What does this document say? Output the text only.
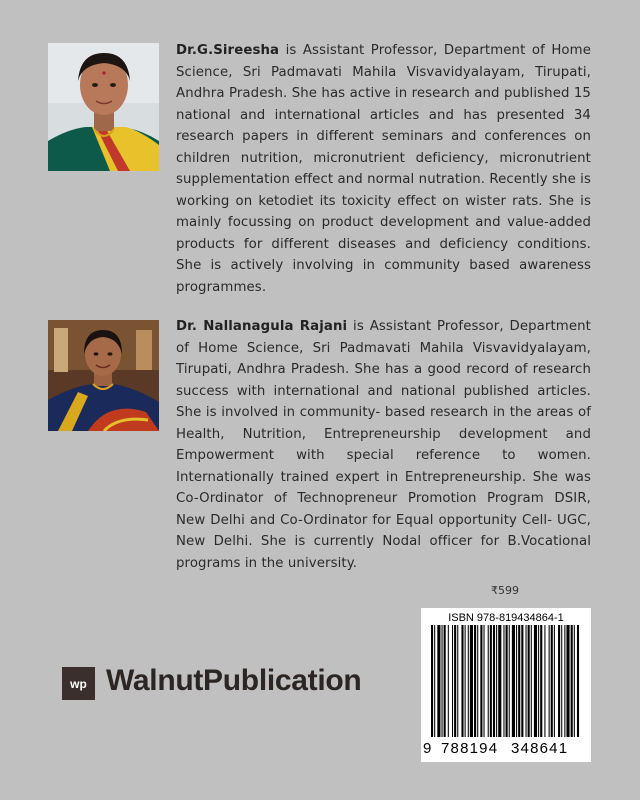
Dr.G.Sireesha is Assistant Professor, Department of Home Science, Sri Padmavati Mahila Visvavidyalayam, Tirupati, Andhra Pradesh. She has active in research and published 15 national and international articles and has presented 34 research papers in different seminars and conferences on children nutrition, micronutrient deficiency, micronutrient supplementation effect and normal nutration. Recently she is working on ketodiet its toxicity effect on wister rats. She is mainly focussing on product development and value-added products for different diseases and deficiency conditions. She is actively involving in community based awareness programmes.

Dr. Nallanagula Rajani is Assistant Professor, Department of Home Science, Sri Padmavati Mahila Visvavidyalayam, Tirupati, Andhra Pradesh. She has a good record of research success with international and national published articles. She is involved in community- based research in the areas of Health, Nutrition, Entrepreneurship development and Empowerment with special reference to women. Internationally trained expert in Entrepreneurship. She was Co-Ordinator of Technopreneur Promotion Program DSIR, New Delhi and Co-Ordinator for Equal opportunity Cell- UGC, New Delhi. She is currently Nodal officer for B.Vocational programs in the university.

₹599
ISBN 978-819434864-1
9 788194 348641
wp WalnutPublication
